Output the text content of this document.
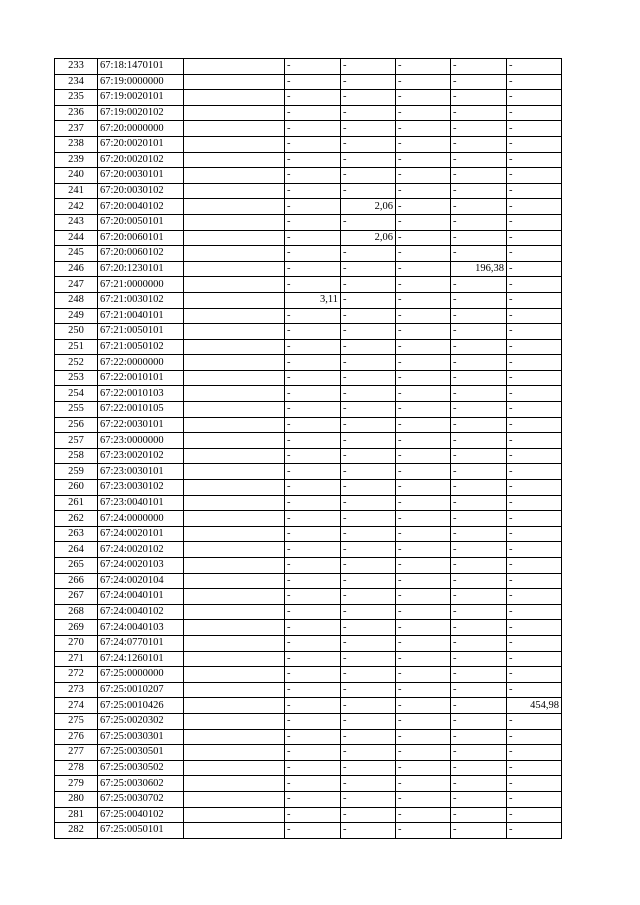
233	67:18:1470101		-	-	-	-	-
234	67:19:0000000		-	-	-	-	-
235	67:19:0020101		-	-	-	-	-
236	67:19:0020102		-	-	-	-	-
237	67:20:0000000		-	-	-	-	-
238	67:20:0020101		-	-	-	-	-
239	67:20:0020102		-	-	-	-	-
240	67:20:0030101		-	-	-	-	-
241	67:20:0030102		-	-	-	-	-
242	67:20:0040102		-	2,06	-	-	-
243	67:20:0050101		-	-	-	-	-
244	67:20:0060101		-	2,06	-	-	-
245	67:20:0060102		-	-	-	-	-
246	67:20:1230101		-	-	-	196,38	-
247	67:21:0000000		-	-	-	-	-
248	67:21:0030102		3,11	-	-	-	-
249	67:21:0040101		-	-	-	-	-
250	67:21:0050101		-	-	-	-	-
251	67:21:0050102		-	-	-	-	-
252	67:22:0000000		-	-	-	-	-
253	67:22:0010101		-	-	-	-	-
254	67:22:0010103		-	-	-	-	-
255	67:22:0010105		-	-	-	-	-
256	67:22:0030101		-	-	-	-	-
257	67:23:0000000		-	-	-	-	-
258	67:23:0020102		-	-	-	-	-
259	67:23:0030101		-	-	-	-	-
260	67:23:0030102		-	-	-	-	-
261	67:23:0040101		-	-	-	-	-
262	67:24:0000000		-	-	-	-	-
263	67:24:0020101		-	-	-	-	-
264	67:24:0020102		-	-	-	-	-
265	67:24:0020103		-	-	-	-	-
266	67:24:0020104		-	-	-	-	-
267	67:24:0040101		-	-	-	-	-
268	67:24:0040102		-	-	-	-	-
269	67:24:0040103		-	-	-	-	-
270	67:24:0770101		-	-	-	-	-
271	67:24:1260101		-	-	-	-	-
272	67:25:0000000		-	-	-	-	-
273	67:25:0010207		-	-	-	-	-
274	67:25:0010426		-	-	-	-	454,98
275	67:25:0020302		-	-	-	-	-
276	67:25:0030301		-	-	-	-	-
277	67:25:0030501		-	-	-	-	-
278	67:25:0030502		-	-	-	-	-
279	67:25:0030602		-	-	-	-	-
280	67:25:0030702		-	-	-	-	-
281	67:25:0040102		-	-	-	-	-
282	67:25:0050101		-	-	-	-	-
